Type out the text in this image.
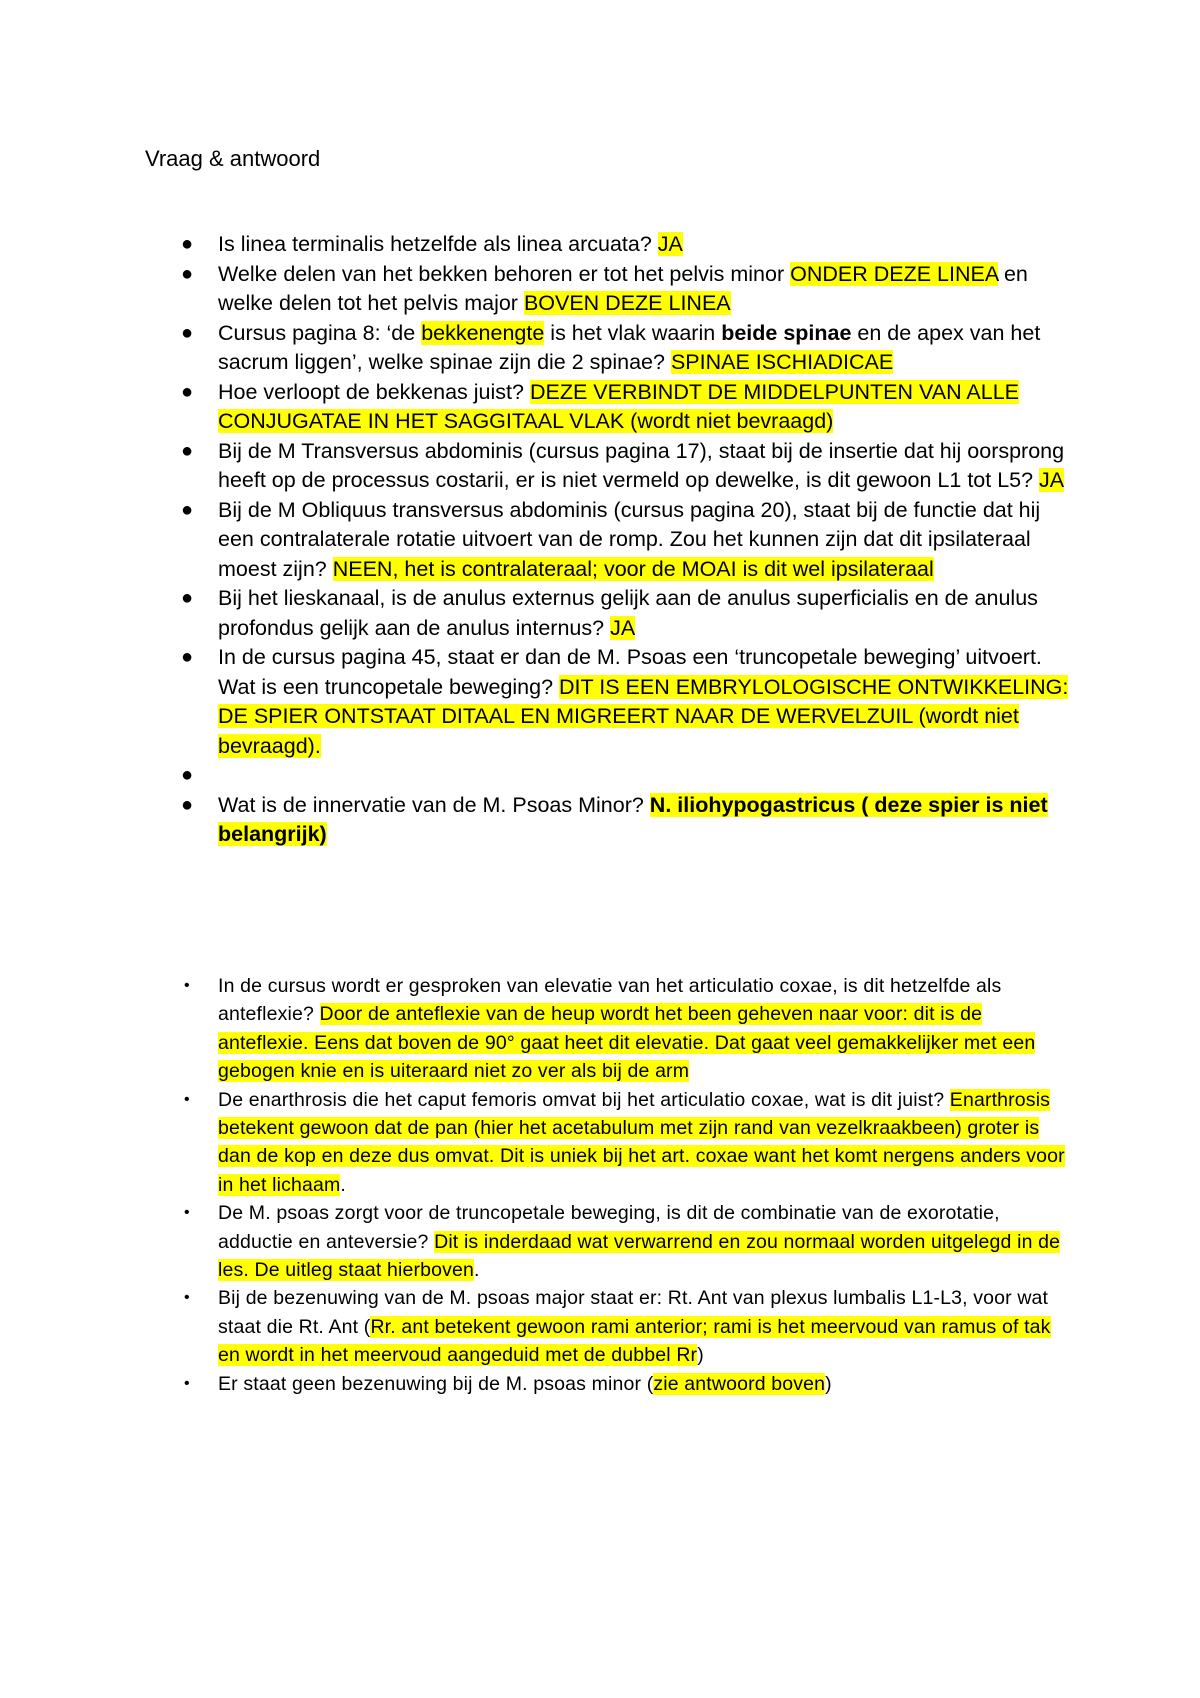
Vraag & antwoord
● Is linea terminalis hetzelfde als linea arcuata? JA
● Welke delen van het bekken behoren er tot het pelvis minor ONDER DEZE LINEA en welke delen tot het pelvis major BOVEN DEZE LINEA
● Cursus pagina 8: ‘de bekkenengte is het vlak waarin beide spinae en de apex van het sacrum liggen’, welke spinae zijn die 2 spinae? SPINAE ISCHIADICAE
● Hoe verloopt de bekkenas juist? DEZE VERBINDT DE MIDDELPUNTEN VAN ALLE CONJUGATAE IN HET SAGGITAAL VLAK (wordt niet bevraagd)
● Bij de M Transversus abdominis (cursus pagina 17), staat bij de insertie dat hij oorsprong heeft op de processus costarii, er is niet vermeld op dewelke, is dit gewoon L1 tot L5? JA
● Bij de M Obliquus transversus abdominis (cursus pagina 20), staat bij de functie dat hij een contralaterale rotatie uitvoert van de romp. Zou het kunnen zijn dat dit ipsilateraal moest zijn? NEEN, het is contralateraal; voor de MOAI is dit wel ipsilateraal
● Bij het lieskanaal, is de anulus externus gelijk aan de anulus superficialis en de anulus profondus gelijk aan de anulus internus? JA
● In de cursus pagina 45, staat er dan de M. Psoas een ‘truncopetale beweging’ uitvoert. Wat is een truncopetale beweging? DIT IS EEN EMBRYLOLOGISCHE ONTWIKKELING: DE SPIER ONTSTAAT DITAAL EN MIGREERT NAAR DE WERVELZUIL (wordt niet bevraagd).
●
● Wat is de innervatie van de M. Psoas Minor? N. iliohypogastricus ( deze spier is niet belangrijk)
• In de cursus wordt er gesproken van elevatie van het articulatio coxae, is dit hetzelfde als anteflexie? Door de anteflexie van de heup wordt het been geheven naar voor: dit is de anteflexie. Eens dat boven de 90° gaat heet dit elevatie. Dat gaat veel gemakkelijker met een gebogen knie en is uiteraard niet zo ver als bij de arm
• De enarthrosis die het caput femoris omvat bij het articulatio coxae, wat is dit juist? Enarthrosis betekent gewoon dat de pan (hier het acetabulum met zijn rand van vezelkraakbeen) groter is dan de kop en deze dus omvat. Dit is uniek bij het art. coxae want het komt nergens anders voor in het lichaam.
• De M. psoas zorgt voor de truncopetale beweging, is dit de combinatie van de exorotatie, adductie en anteversie? Dit is inderdaad wat verwarrend en zou normaal worden uitgelegd in de les. De uitleg staat hierboven.
• Bij de bezenuwing van de M. psoas major staat er: Rt. Ant van plexus lumbalis L1-L3, voor wat staat die Rt. Ant (Rr. ant betekent gewoon rami anterior; rami is het meervoud van ramus of tak en wordt in het meervoud aangeduid met de dubbel Rr)
• Er staat geen bezenuwing bij de M. psoas minor (zie antwoord boven)
